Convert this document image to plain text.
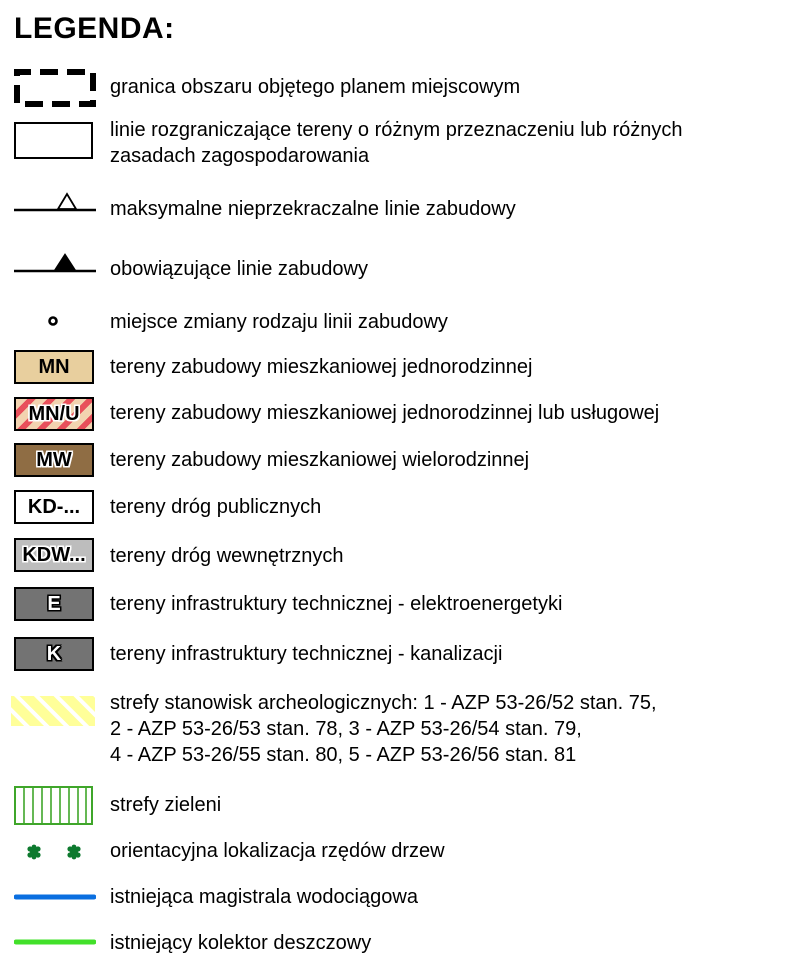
LEGENDA:
granica obszaru objętego planem miejscowym
linie rozgraniczające tereny o różnym przeznaczeniu lub różnych
zasadach zagospodarowania
maksymalne nieprzekraczalne linie zabudowy
obowiązujące linie zabudowy
miejsce zmiany rodzaju linii zabudowy
MN tereny zabudowy mieszkaniowej jednorodzinnej
MN/U tereny zabudowy mieszkaniowej jednorodzinnej lub usługowej
MW tereny zabudowy mieszkaniowej wielorodzinnej
KD-... tereny dróg publicznych
KDW... tereny dróg wewnętrznych
E tereny infrastruktury technicznej - elektroenergetyki
K tereny infrastruktury technicznej - kanalizacji
strefy stanowisk archeologicznych: 1 - AZP 53-26/52 stan. 75,
2 - AZP 53-26/53 stan. 78, 3 - AZP 53-26/54 stan. 79,
4 - AZP 53-26/55 stan. 80, 5 - AZP 53-26/56 stan. 81
strefy zieleni
orientacyjna lokalizacja rzędów drzew
istniejąca magistrala wodociągowa
istniejący kolektor deszczowy
